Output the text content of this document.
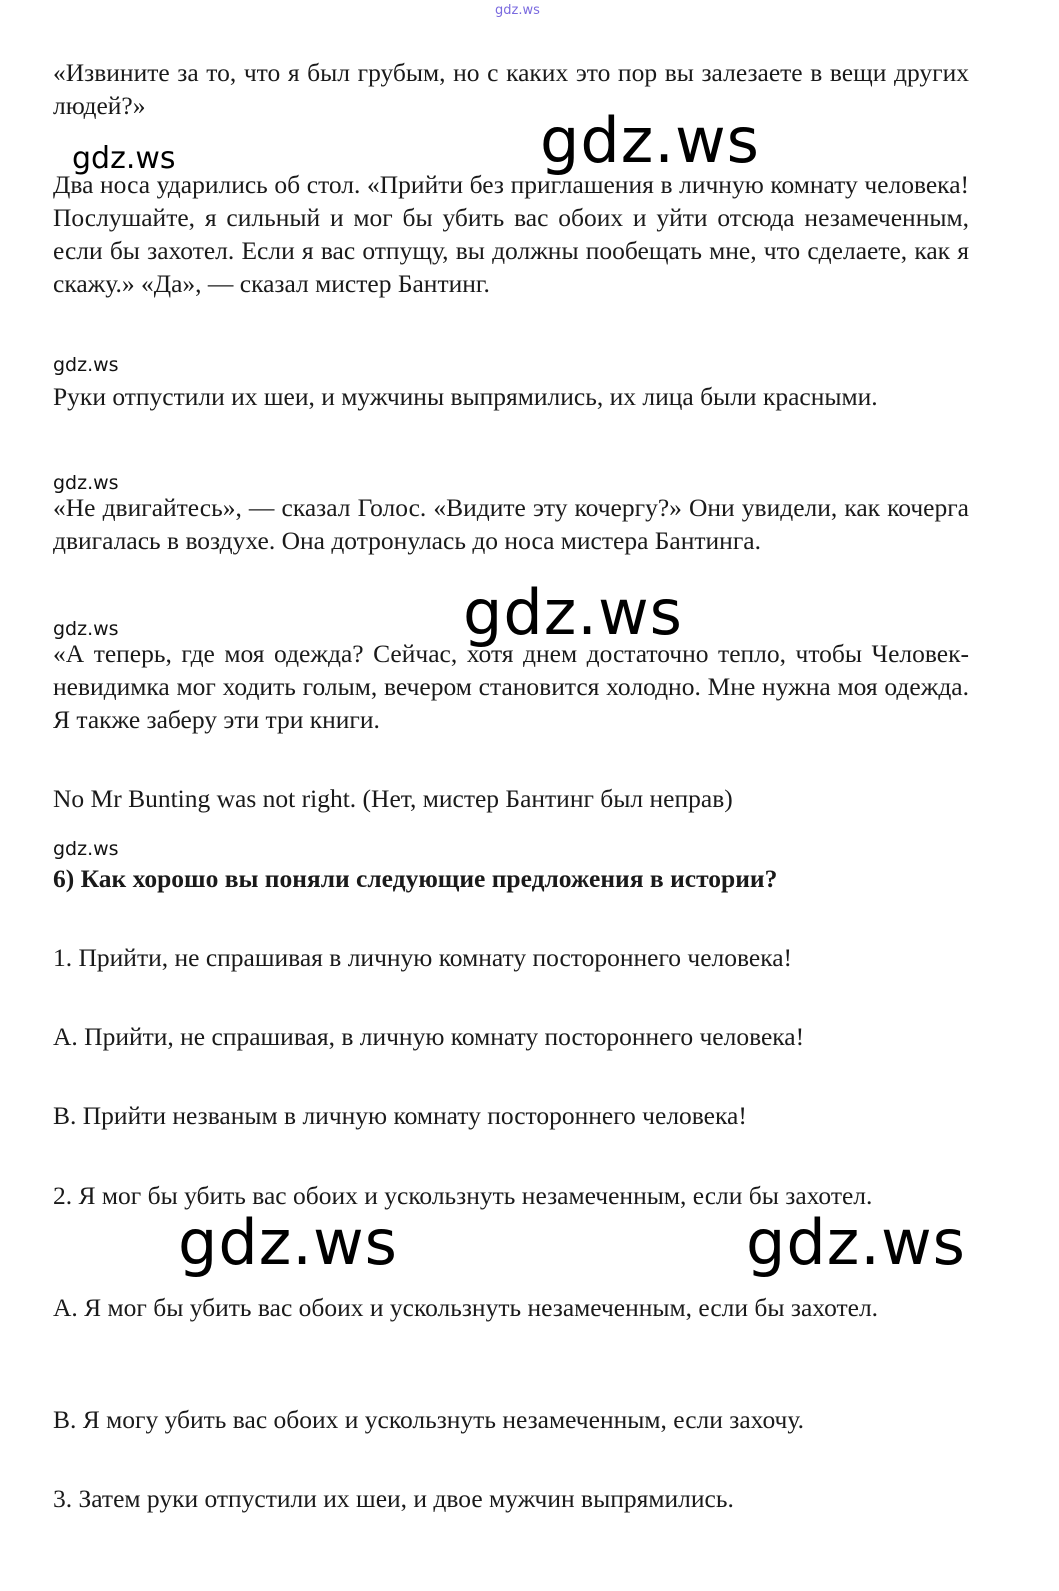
gdz.ws

«Извините за то, что я был грубым, но с каких это пор вы залезаете в вещи других людей?»	gdz.ws
gdz.ws

Два носа ударились об стол. «Прийти без приглашения в личную комнату человека! Послушайте, я сильный и мог бы убить вас обоих и уйти отсюда незамеченным, если бы захотел. Если я вас отпущу, вы должны пообещать мне, что сделаете, как я скажу.» «Да», — сказал мистер Бантинг.

gdz.ws

Руки отпустили их шеи, и мужчины выпрямились, их лица были красными.

gdz.ws

«Не двигайтесь», — сказал Голос. «Видите эту кочергу?» Они увидели, как кочерга двигалась в воздухе. Она дотронулась до носа мистера Бантинга.

gdz.ws
gdz.ws

«А теперь, где моя одежда? Сейчас, хотя днем достаточно тепло, чтобы Человек-невидимка мог ходить голым, вечером становится холодно. Мне нужна моя одежда. Я также заберу эти три книги.

No Mr Bunting was not right. (Нет, мистер Бантинг был неправ)

gdz.ws

6) Как хорошо вы поняли следующие предложения в истории?

1. Прийти, не спрашивая в личную комнату постороннего человека!

A. Прийти, не спрашивая, в личную комнату постороннего человека!

B. Прийти незваным в личную комнату постороннего человека!

2. Я мог бы убить вас обоих и ускользнуть незамеченным, если бы захотел.

gdz.ws	gdz.ws

A. Я мог бы убить вас обоих и ускользнуть незамеченным, если бы захотел.

B. Я могу убить вас обоих и ускользнуть незамеченным, если захочу.

3. Затем руки отпустили их шеи, и двое мужчин выпрямились.
